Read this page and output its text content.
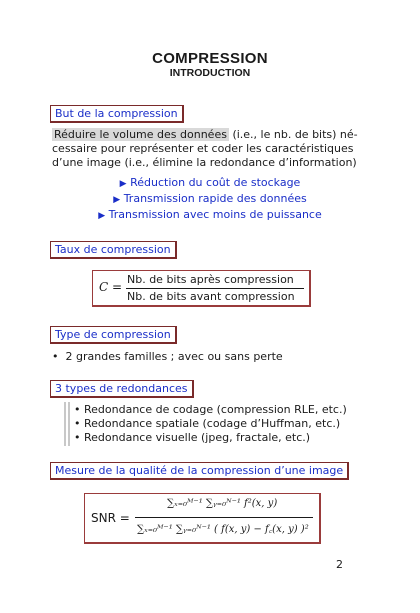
COMPRESSION
INTRODUCTION
But de la compression
Réduire le volume des données (i.e., le nb. de bits) né-
cessaire pour représenter et coder les caractéristiques
d’une image (i.e., élimine la redondance d’information)
▶ Réduction du coût de stockage
▶ Transmission rapide des données
▶ Transmission avec moins de puissance
Taux de compression
C =
Nb. de bits après compression
Nb. de bits avant compression
Type de compression
• 2 grandes familles ; avec ou sans perte
3 types de redondances
• Redondance de codage (compression RLE, etc.)
• Redondance spatiale (codage d’Huffman, etc.)
• Redondance visuelle (jpeg, fractale, etc.)
Mesure de la qualité de la compression d’une image
SNR =
∑ₓ₌₀ᴹ⁻¹ ∑ᵧ₌₀ᴺ⁻¹ f²(x, y)
∑ₓ₌₀ᴹ⁻¹ ∑ᵧ₌₀ᴺ⁻¹ ( f(x, y) − f꜀(x, y) )²
2
